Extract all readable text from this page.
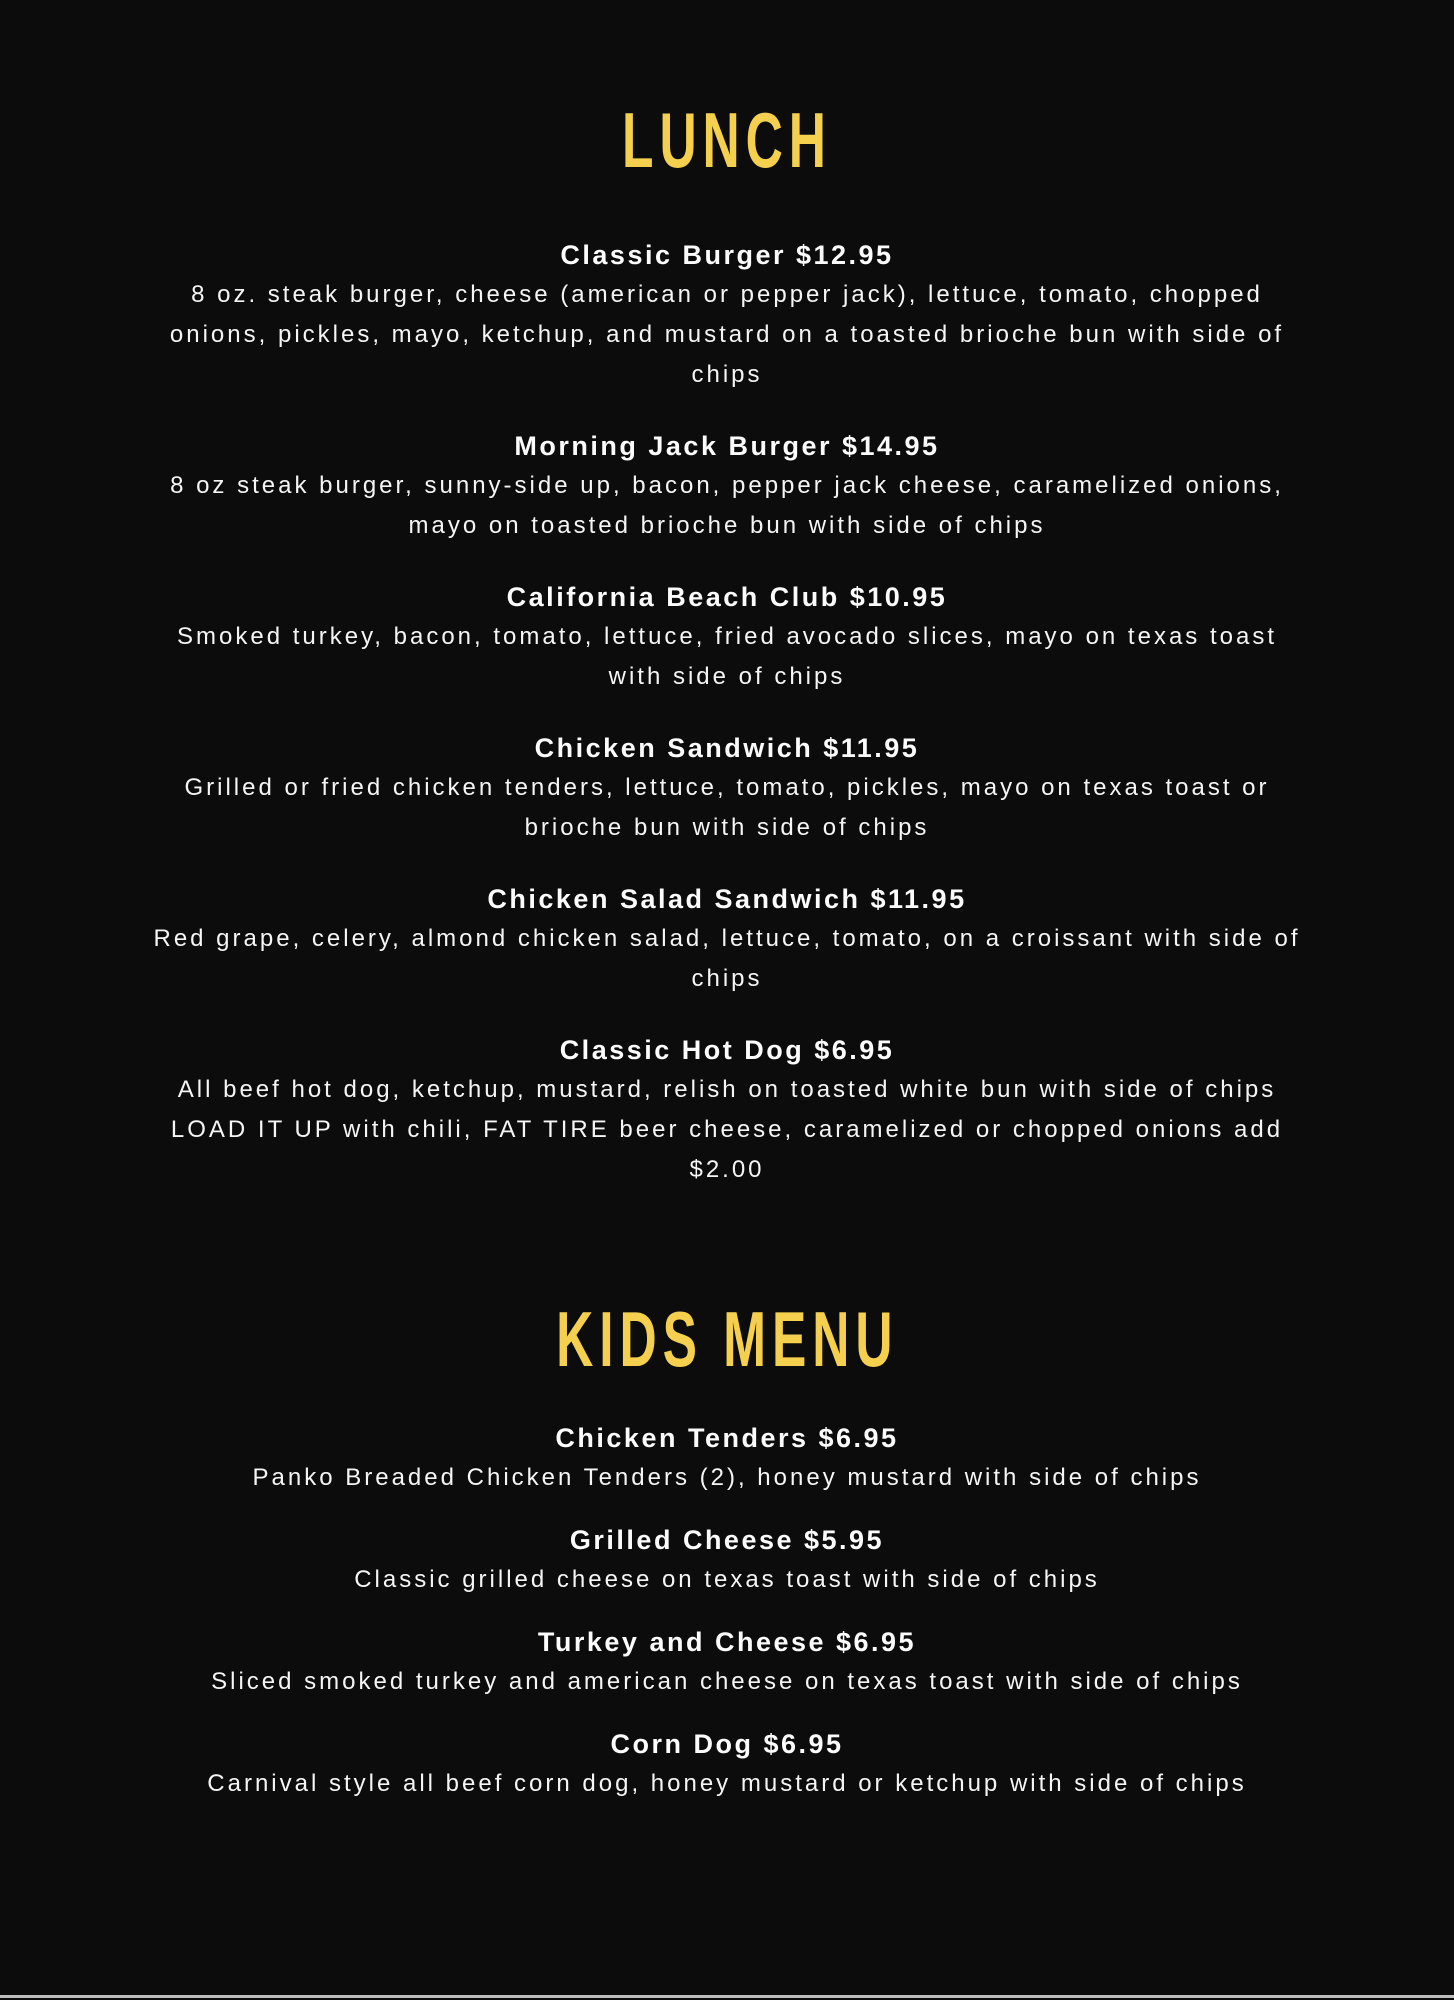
LUNCH
Classic Burger $12.95

8 oz. steak burger, cheese (american or pepper jack), lettuce, tomato, chopped onions, pickles, mayo, ketchup, and mustard on a toasted brioche bun with side of chips

Morning Jack Burger $14.95

8 oz steak burger, sunny-side up, bacon, pepper jack cheese, caramelized onions, mayo on toasted brioche bun with side of chips

California Beach Club $10.95

Smoked turkey, bacon, tomato, lettuce, fried avocado slices, mayo on texas toast with side of chips

Chicken Sandwich $11.95

Grilled or fried chicken tenders, lettuce, tomato, pickles, mayo on texas toast or brioche bun with side of chips

Chicken Salad Sandwich $11.95

Red grape, celery, almond chicken salad, lettuce, tomato, on a croissant with side of chips

Classic Hot Dog $6.95

All beef hot dog, ketchup, mustard, relish on toasted white bun with side of chips

LOAD IT UP with chili, FAT TIRE beer cheese, caramelized or chopped onions add $2.00

KIDS MENU
Chicken Tenders $6.95

Panko Breaded Chicken Tenders (2), honey mustard with side of chips

Grilled Cheese $5.95

Classic grilled cheese on texas toast with side of chips

Turkey and Cheese $6.95

Sliced smoked turkey and american cheese on texas toast with side of chips

Corn Dog $6.95

Carnival style all beef corn dog, honey mustard or ketchup with side of chips
